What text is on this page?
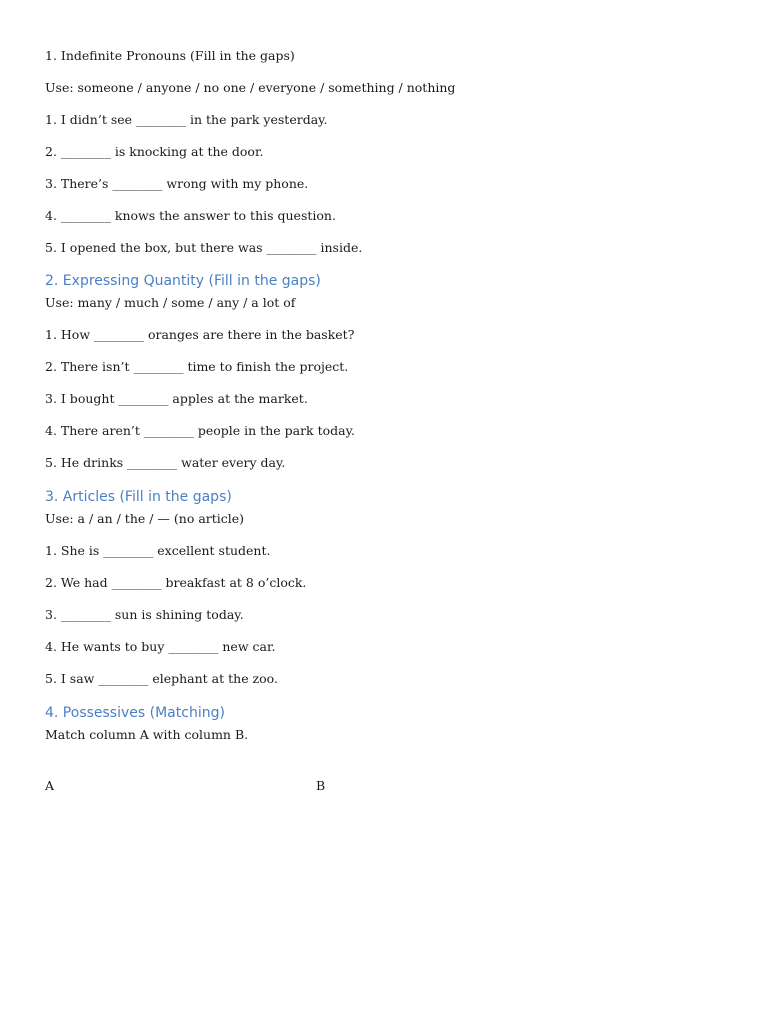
1. Indefinite Pronouns (Fill in the gaps)
Use: someone / anyone / no one / everyone / something / nothing
1. I didn’t see ________ in the park yesterday.
2. ________ is knocking at the door.
3. There’s ________ wrong with my phone.
4. ________ knows the answer to this question.
5. I opened the box, but there was ________ inside.
2. Expressing Quantity (Fill in the gaps)
Use: many / much / some / any / a lot of
1. How ________ oranges are there in the basket?
2. There isn’t ________ time to finish the project.
3. I bought ________ apples at the market.
4. There aren’t ________ people in the park today.
5. He drinks ________ water every day.
3. Articles (Fill in the gaps)
Use: a / an / the / — (no article)
1. She is ________ excellent student.
2. We had ________ breakfast at 8 o’clock.
3. ________ sun is shining today.
4. He wants to buy ________ new car.
5. I saw ________ elephant at the zoo.
4. Possessives (Matching)
Match column A with column B.
A	B
